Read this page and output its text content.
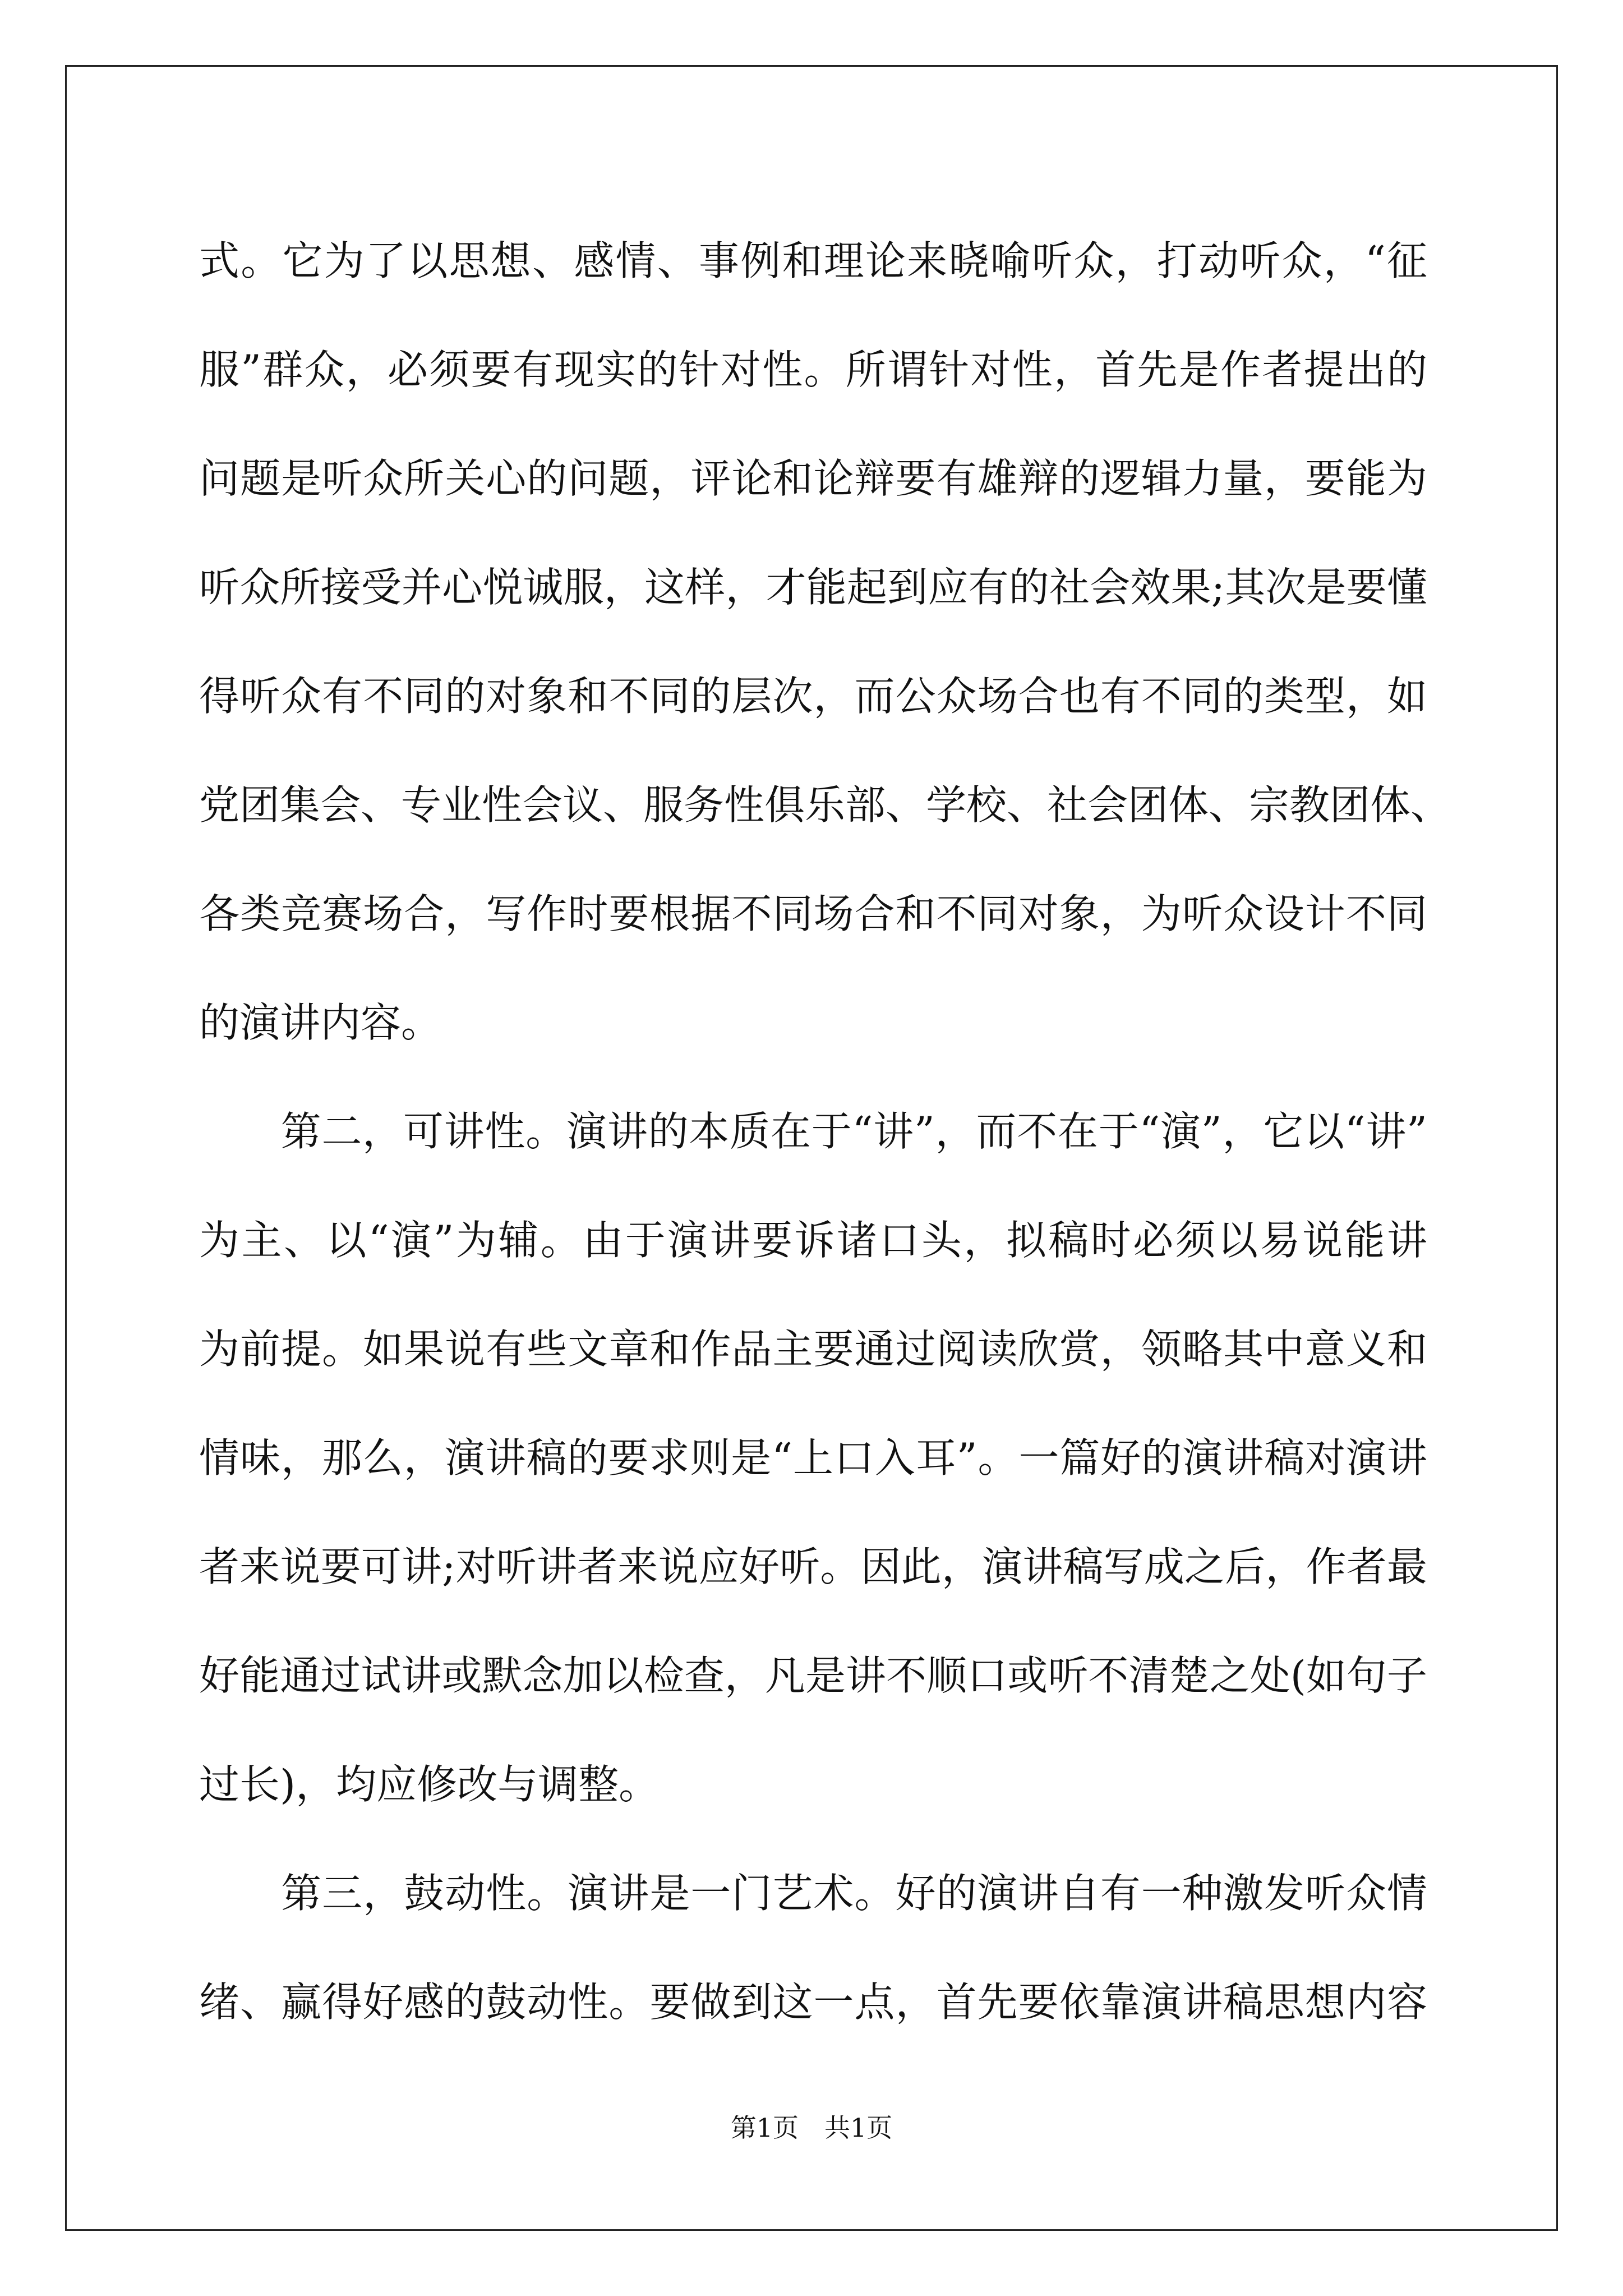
式。它为了以思想、感情、事例和理论来晓喻听众，打动听众，“征
服”群众，必须要有现实的针对性。所谓针对性，首先是作者提出的
问题是听众所关心的问题，评论和论辩要有雄辩的逻辑力量，要能为
听众所接受并心悦诚服，这样，才能起到应有的社会效果;其次是要懂
得听众有不同的对象和不同的层次，而公众场合也有不同的类型，如
党团集会、专业性会议、服务性俱乐部、学校、社会团体、宗教团体、
各类竞赛场合，写作时要根据不同场合和不同对象，为听众设计不同
的演讲内容。
　　第二，可讲性。演讲的本质在于“讲”，而不在于“演”，它以“讲”
为主、以“演”为辅。由于演讲要诉诸口头，拟稿时必须以易说能讲
为前提。如果说有些文章和作品主要通过阅读欣赏，领略其中意义和
情味，那么，演讲稿的要求则是“上口入耳”。一篇好的演讲稿对演讲
者来说要可讲;对听讲者来说应好听。因此，演讲稿写成之后，作者最
好能通过试讲或默念加以检查，凡是讲不顺口或听不清楚之处(如句子
过长)，均应修改与调整。
　　第三，鼓动性。演讲是一门艺术。好的演讲自有一种激发听众情
绪、赢得好感的鼓动性。要做到这一点，首先要依靠演讲稿思想内容
第1页　 共1页
